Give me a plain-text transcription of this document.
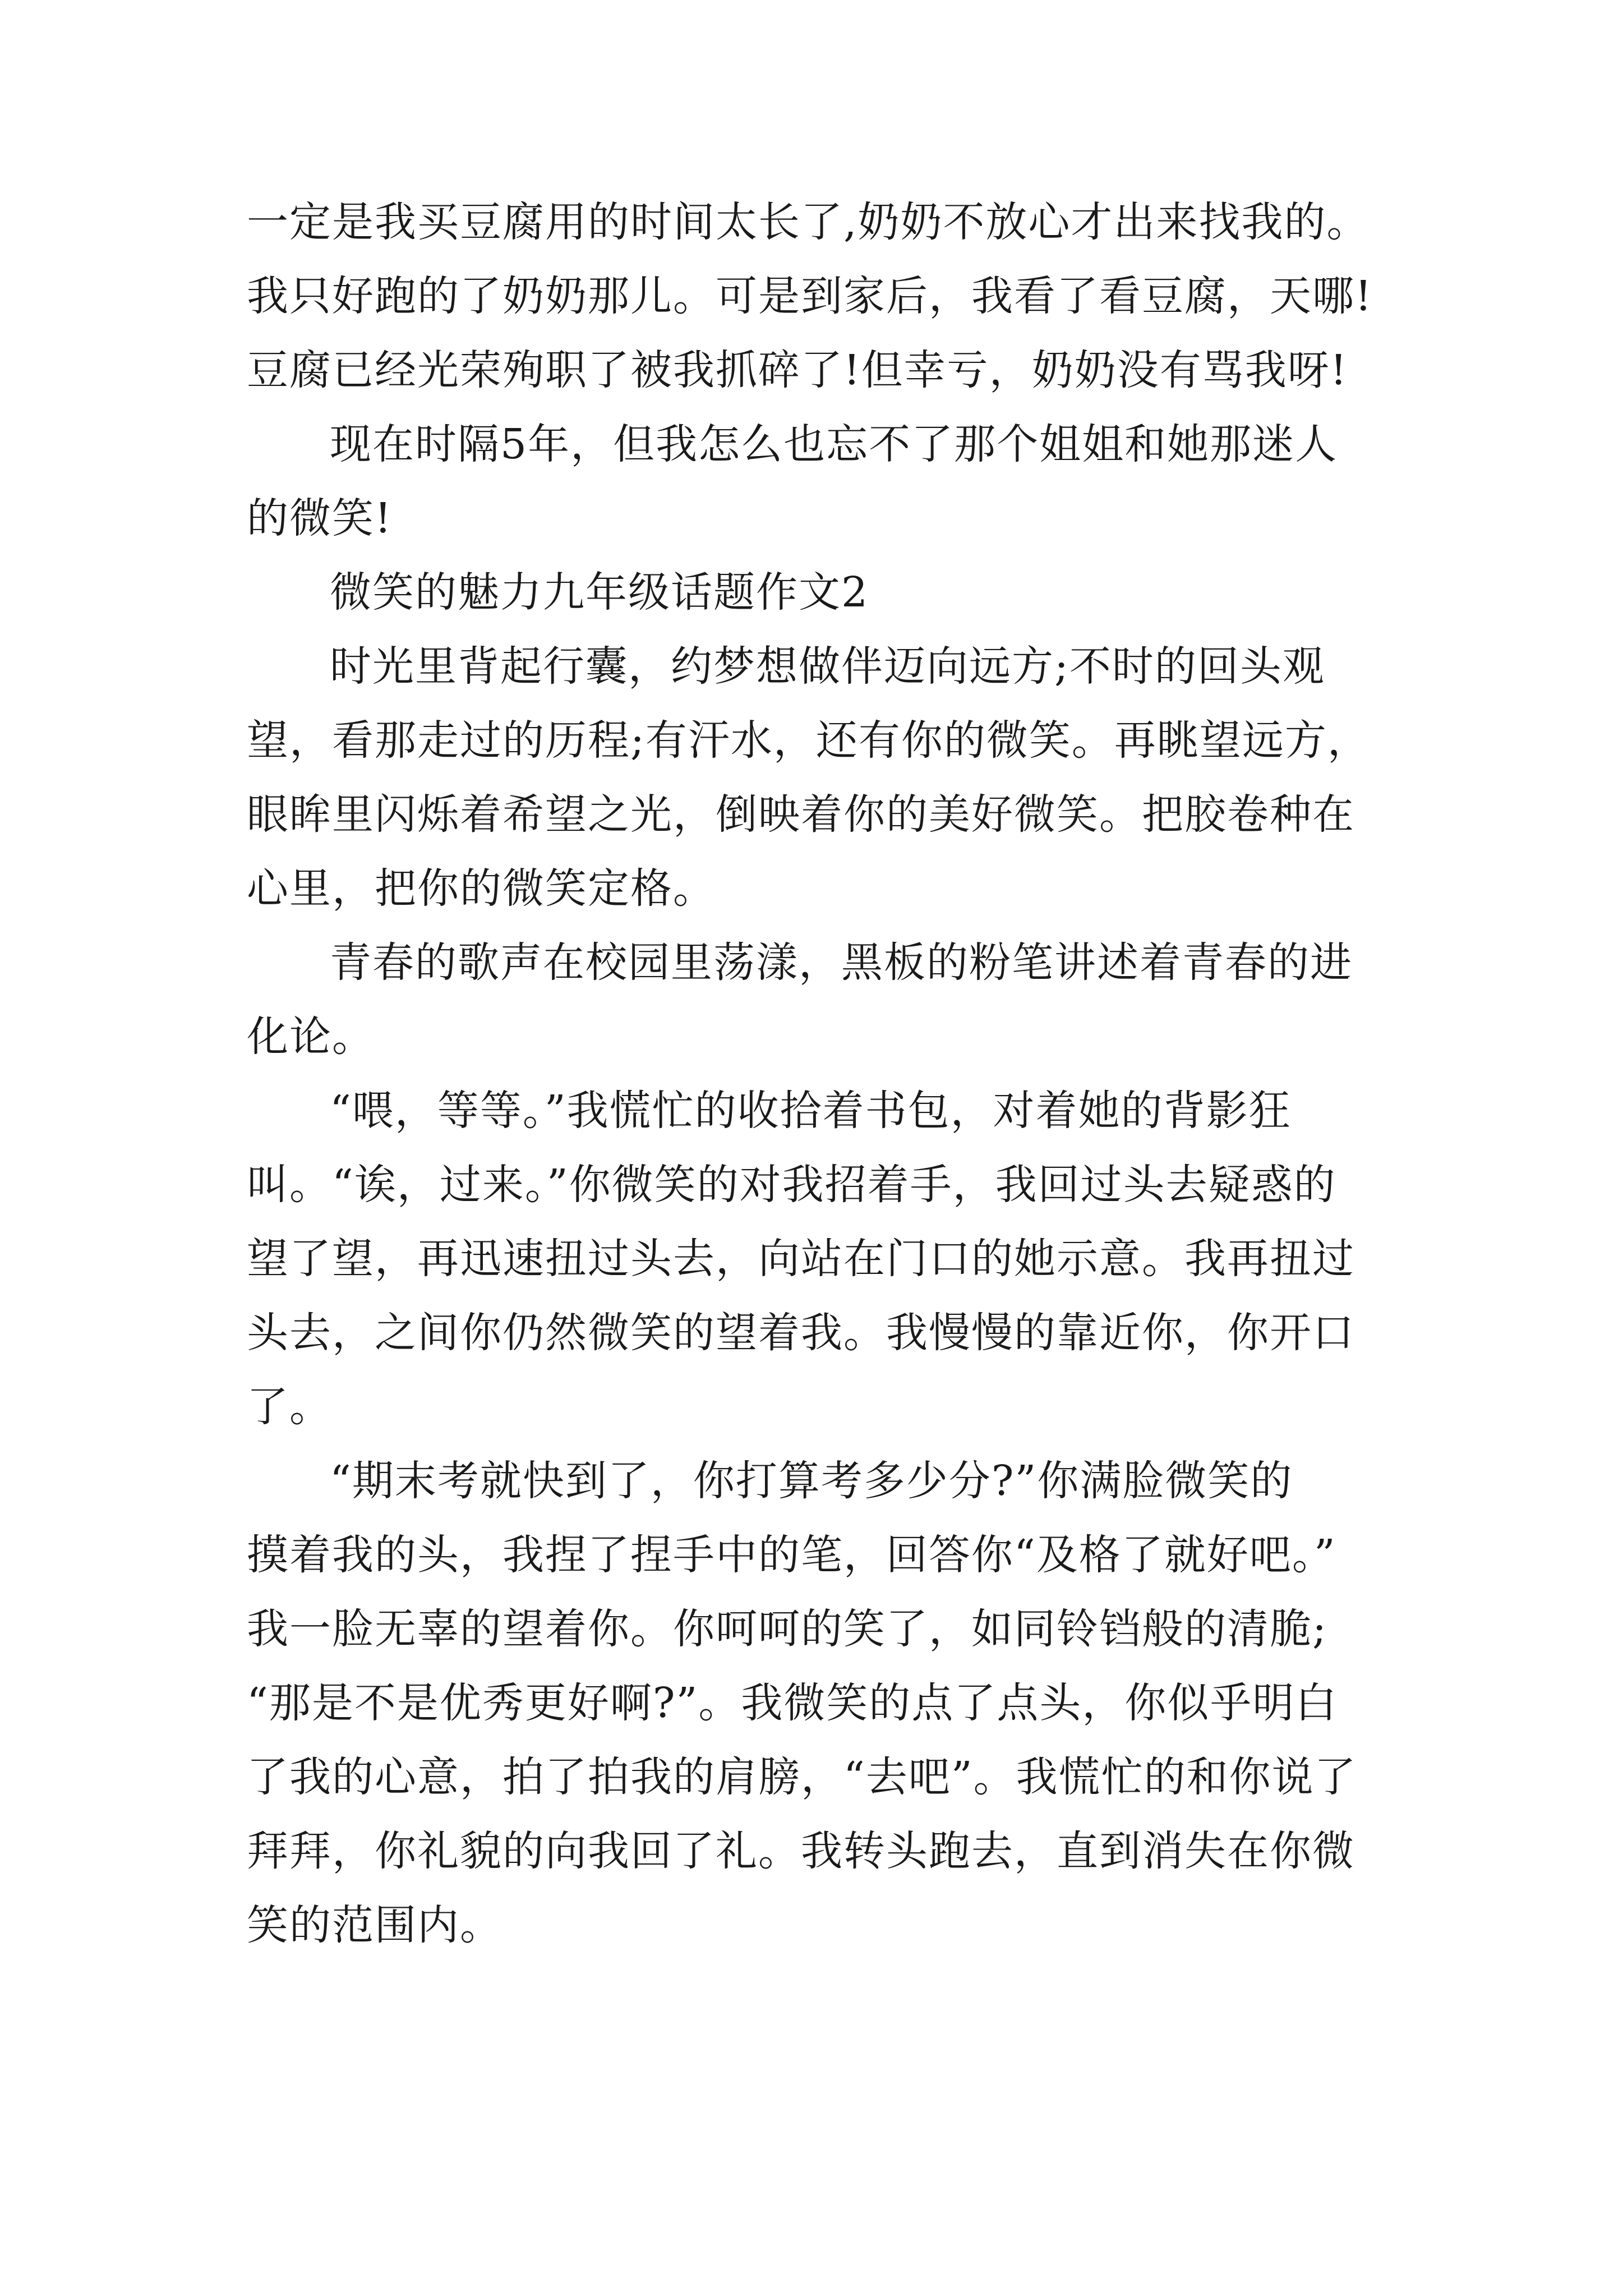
一定是我买豆腐用的时间太长了,奶奶不放心才出来找我的。
我只好跑的了奶奶那儿。可是到家后，我看了看豆腐，天哪!
豆腐已经光荣殉职了被我抓碎了!但幸亏，奶奶没有骂我呀!
现在时隔5年，但我怎么也忘不了那个姐姐和她那迷人
的微笑!
微笑的魅力九年级话题作文2
时光里背起行囊，约梦想做伴迈向远方;不时的回头观
望，看那走过的历程;有汗水，还有你的微笑。再眺望远方，
眼眸里闪烁着希望之光，倒映着你的美好微笑。把胶卷种在
心里，把你的微笑定格。
青春的歌声在校园里荡漾，黑板的粉笔讲述着青春的进
化论。
“喂，等等。”我慌忙的收拾着书包，对着她的背影狂
叫。“诶，过来。”你微笑的对我招着手，我回过头去疑惑的
望了望，再迅速扭过头去，向站在门口的她示意。我再扭过
头去，之间你仍然微笑的望着我。我慢慢的靠近你，你开口
了。
“期末考就快到了，你打算考多少分?”你满脸微笑的
摸着我的头，我捏了捏手中的笔，回答你“及格了就好吧。”
我一脸无辜的望着你。你呵呵的笑了，如同铃铛般的清脆;
“那是不是优秀更好啊?”。我微笑的点了点头，你似乎明白
了我的心意，拍了拍我的肩膀，“去吧”。我慌忙的和你说了
拜拜，你礼貌的向我回了礼。我转头跑去，直到消失在你微
笑的范围内。
